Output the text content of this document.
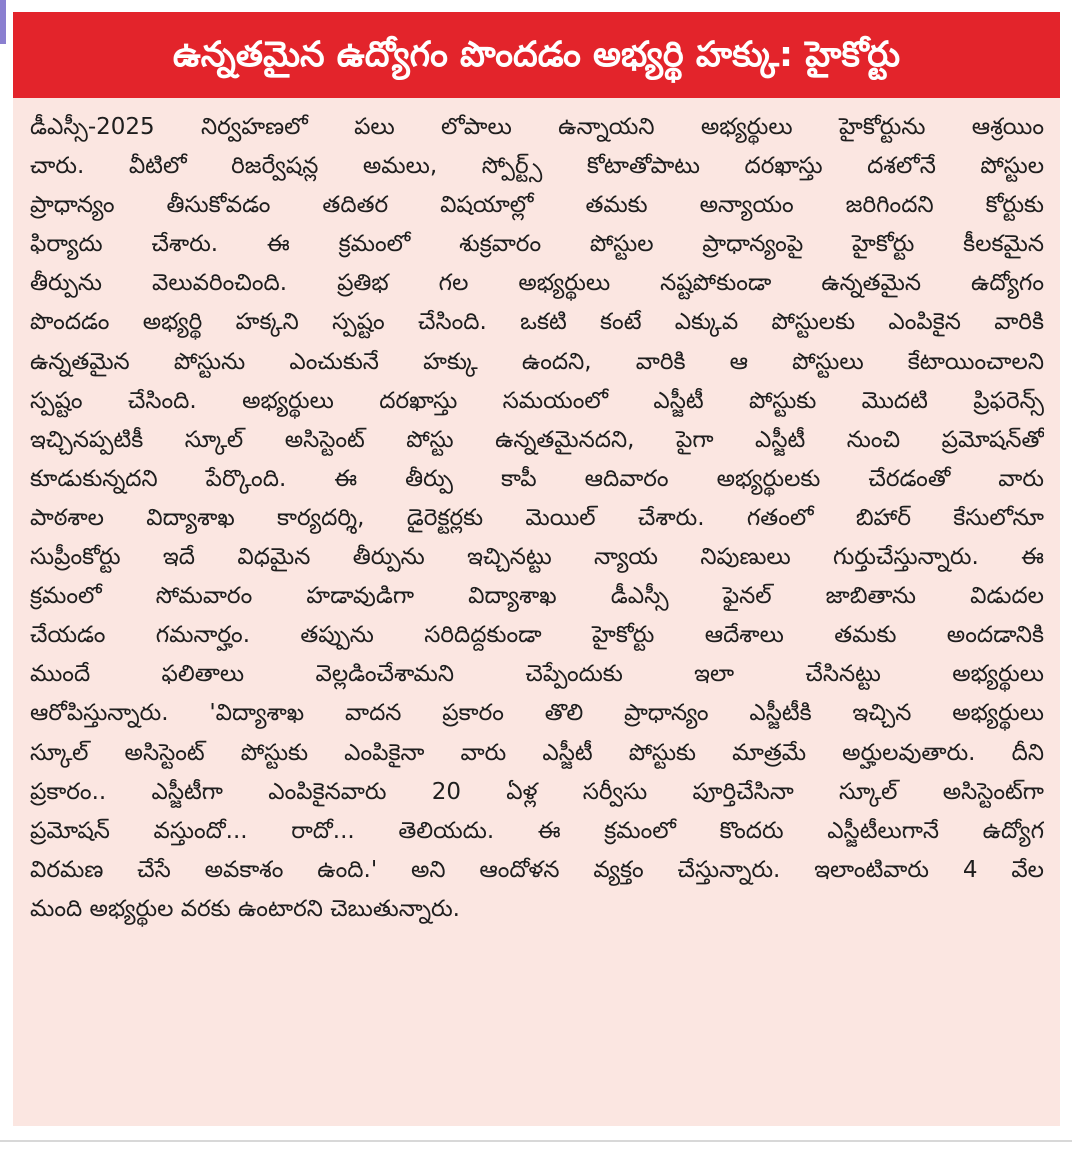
ఉన్నతమైన ఉద్యోగం పొందడం అభ్యర్థి హక్కు: హైకోర్టు
డీఎస్సీ-2025 నిర్వహణలో పలు లోపాలు ఉన్నాయని అభ్యర్థులు హైకోర్టును ఆశ్రయిం
చారు. వీటిలో రిజర్వేషన్ల అమలు, స్పోర్ట్స్ కోటాతోపాటు దరఖాస్తు దశలోనే పోస్టుల
ప్రాధాన్యం తీసుకోవడం తదితర విషయాల్లో తమకు అన్యాయం జరిగిందని కోర్టుకు
ఫిర్యాదు చేశారు. ఈ క్రమంలో శుక్రవారం పోస్టుల ప్రాధాన్యంపై హైకోర్టు కీలకమైన
తీర్పును వెలువరించింది. ప్రతిభ గల అభ్యర్థులు నష్టపోకుండా ఉన్నతమైన ఉద్యోగం
పొందడం అభ్యర్థి హక్కని స్పష్టం చేసింది. ఒకటి కంటే ఎక్కువ పోస్టులకు ఎంపికైన వారికి
ఉన్నతమైన పోస్టును ఎంచుకునే హక్కు ఉందని, వారికి ఆ పోస్టులు కేటాయించాలని
స్పష్టం చేసింది. అభ్యర్థులు దరఖాస్తు సమయంలో ఎస్జీటీ పోస్టుకు మొదటి ప్రిఫరెన్స్
ఇచ్చినప్పటికీ స్కూల్ అసిస్టెంట్ పోస్టు ఉన్నతమైనదని, పైగా ఎస్జీటీ నుంచి ప్రమోషన్‌తో
కూడుకున్నదని పేర్కొంది. ఈ తీర్పు కాపీ ఆదివారం అభ్యర్థులకు చేరడంతో వారు
పాఠశాల విద్యాశాఖ కార్యదర్శి, డైరెక్టర్లకు మెయిల్ చేశారు. గతంలో బిహార్ కేసులోనూ
సుప్రీంకోర్టు ఇదే విధమైన తీర్పును ఇచ్చినట్టు న్యాయ నిపుణులు గుర్తుచేస్తున్నారు. ఈ
క్రమంలో సోమవారం హడావుడిగా విద్యాశాఖ డీఎస్సీ ఫైనల్ జాబితాను విడుదల
చేయడం గమనార్హం. తప్పును సరిదిద్దకుండా హైకోర్టు ఆదేశాలు తమకు అందడానికి
ముందే ఫలితాలు వెల్లడించేశామని చెప్పేందుకు ఇలా చేసినట్టు అభ్యర్థులు
ఆరోపిస్తున్నారు. 'విద్యాశాఖ వాదన ప్రకారం తొలి ప్రాధాన్యం ఎస్జీటీకి ఇచ్చిన అభ్యర్థులు
స్కూల్ అసిస్టెంట్ పోస్టుకు ఎంపికైనా వారు ఎస్జీటీ పోస్టుకు మాత్రమే అర్హులవుతారు. దీని
ప్రకారం.. ఎస్జీటీగా ఎంపికైనవారు 20 ఏళ్ల సర్వీసు పూర్తిచేసినా స్కూల్ అసిస్టెంట్‌గా
ప్రమోషన్ వస్తుందో... రాదో... తెలియదు. ఈ క్రమంలో కొందరు ఎస్జీటీలుగానే ఉద్యోగ
విరమణ చేసే అవకాశం ఉంది.' అని ఆందోళన వ్యక్తం చేస్తున్నారు. ఇలాంటివారు 4 వేల
మంది అభ్యర్థుల వరకు ఉంటారని చెబుతున్నారు.
